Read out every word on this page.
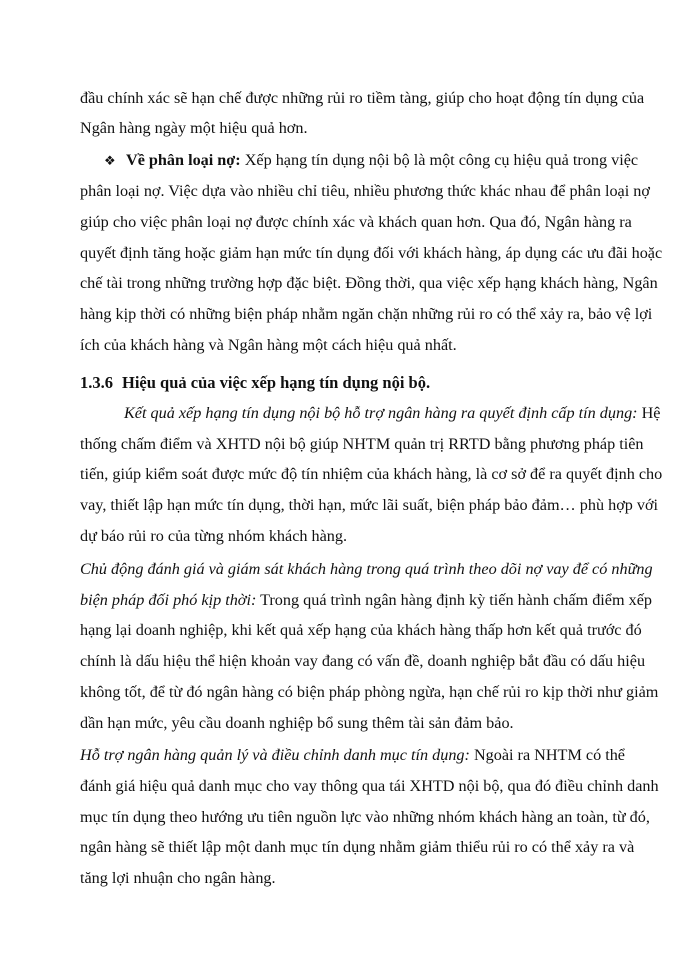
đầu chính xác sẽ hạn chế được những rủi ro tiềm tàng, giúp cho hoạt động tín dụng của
Ngân hàng ngày một hiệu quả hơn.
❖ Về phân loại nợ: Xếp hạng tín dụng nội bộ là một công cụ hiệu quả trong việc
phân loại nợ. Việc dựa vào nhiều chỉ tiêu, nhiều phương thức khác nhau để phân loại nợ
giúp cho việc phân loại nợ được chính xác và khách quan hơn. Qua đó, Ngân hàng ra
quyết định tăng hoặc giảm hạn mức tín dụng đối với khách hàng, áp dụng các ưu đãi hoặc
chế tài trong những trường hợp đặc biệt. Đồng thời, qua việc xếp hạng khách hàng, Ngân
hàng kịp thời có những biện pháp nhằm ngăn chặn những rủi ro có thể xảy ra, bảo vệ lợi
ích của khách hàng và Ngân hàng một cách hiệu quả nhất.
1.3.6 Hiệu quả của việc xếp hạng tín dụng nội bộ.
Kết quả xếp hạng tín dụng nội bộ hỗ trợ ngân hàng ra quyết định cấp tín dụng: Hệ
thống chấm điểm và XHTD nội bộ giúp NHTM quản trị RRTD bằng phương pháp tiên
tiến, giúp kiểm soát được mức độ tín nhiệm của khách hàng, là cơ sở để ra quyết định cho
vay, thiết lập hạn mức tín dụng, thời hạn, mức lãi suất, biện pháp bảo đảm… phù hợp với
dự báo rủi ro của từng nhóm khách hàng.
Chủ động đánh giá và giám sát khách hàng trong quá trình theo dõi nợ vay để có những
biện pháp đối phó kịp thời: Trong quá trình ngân hàng định kỳ tiến hành chấm điểm xếp
hạng lại doanh nghiệp, khi kết quả xếp hạng của khách hàng thấp hơn kết quả trước đó
chính là dấu hiệu thể hiện khoản vay đang có vấn đề, doanh nghiệp bắt đầu có dấu hiệu
không tốt, để từ đó ngân hàng có biện pháp phòng ngừa, hạn chế rủi ro kịp thời như giảm
dần hạn mức, yêu cầu doanh nghiệp bổ sung thêm tài sản đảm bảo.
Hỗ trợ ngân hàng quản lý và điều chỉnh danh mục tín dụng: Ngoài ra NHTM có thể
đánh giá hiệu quả danh mục cho vay thông qua tái XHTD nội bộ, qua đó điều chỉnh danh
mục tín dụng theo hướng ưu tiên nguồn lực vào những nhóm khách hàng an toàn, từ đó,
ngân hàng sẽ thiết lập một danh mục tín dụng nhằm giảm thiểu rủi ro có thể xảy ra và
tăng lợi nhuận cho ngân hàng.
